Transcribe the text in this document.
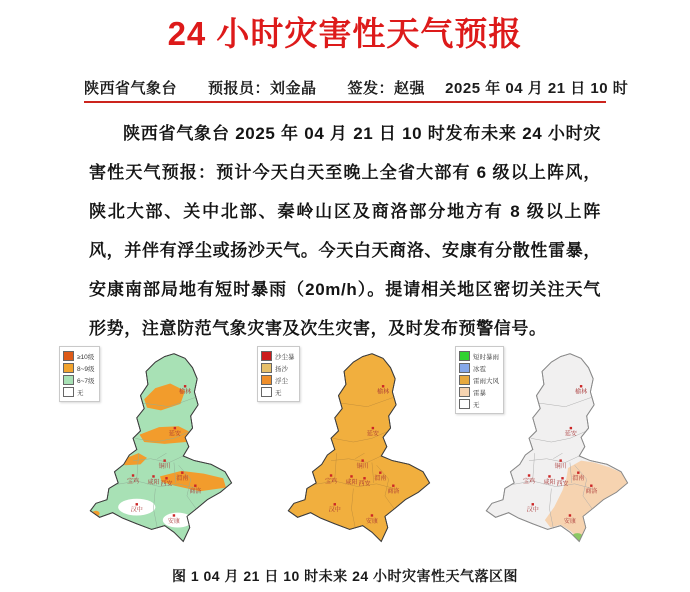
24 小时灾害性天气预报
陕西省气象台　　预报员：刘金晶　　签发：赵强　 2025 年 04 月 21 日 10 时
陕西省气象台 2025 年 04 月 21 日 10 时发布未来 24 小时灾害性天气预报：预计今天白天至晚上全省大部有 6 级以上阵风，陕北大部、关中北部、秦岭山区及商洛部分地方有 8 级以上阵风，并伴有浮尘或扬沙天气。今天白天商洛、安康有分散性雷暴，安康南部局地有短时暴雨（20m/h）。提请相关地区密切关注天气形势，注意防范气象灾害及次生灾害，及时发布预警信号。
≥10级
8~9级
6~7级
无	榆林
延安
铜川
宝鸡 咸阳 西安
渭南
商洛
汉中
安康
沙尘暴
扬沙
浮尘
无	榆林
延安
铜川
宝鸡 咸阳 西安
渭南
商洛
汉中
安康
短时暴雨
冰雹
雷雨大风
雷暴
无
榆林
延安
铜川
宝鸡 咸阳 西安
渭南
商洛
汉中
安康
图 1 04 月 21 日 10 时未来 24 小时灾害性天气落区图
